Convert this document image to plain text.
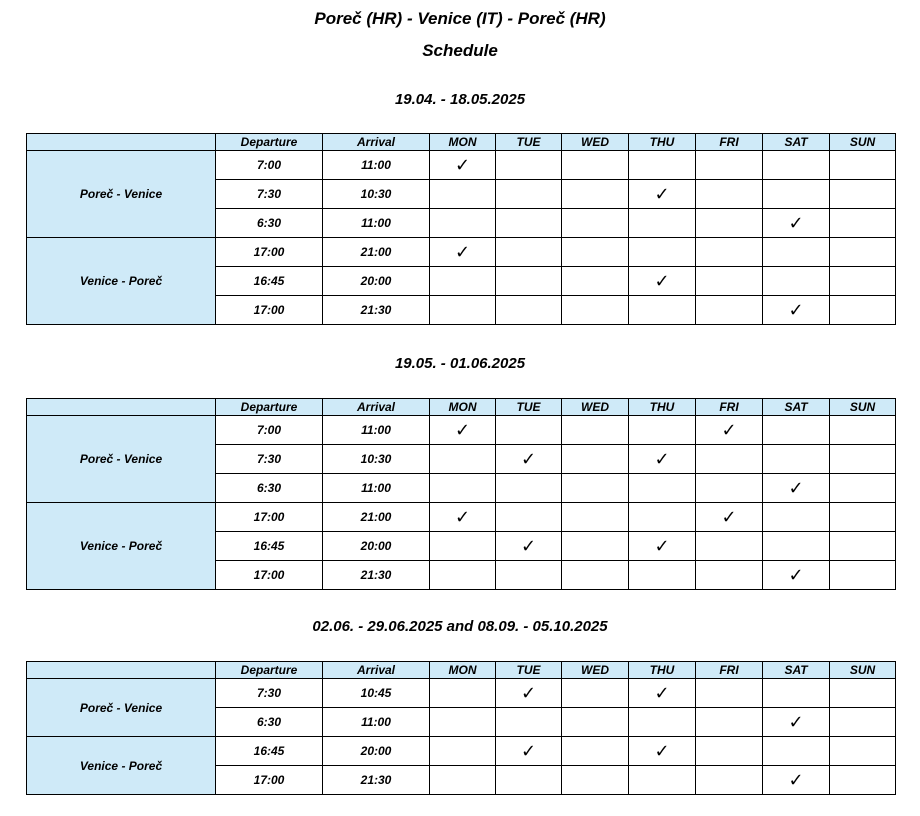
Poreč (HR) - Venice (IT) - Poreč (HR)
Schedule
19.04. - 18.05.2025
	Departure	Arrival	MON	TUE	WED	THU	FRI	SAT	SUN
Poreč - Venice	7:00	11:00	✓						
	7:30	10:30				✓			
	6:30	11:00						✓	
Venice - Poreč	17:00	21:00	✓						
	16:45	20:00				✓			
	17:00	21:30						✓	
19.05. - 01.06.2025
	Departure	Arrival	MON	TUE	WED	THU	FRI	SAT	SUN
Poreč - Venice	7:00	11:00	✓				✓		
	7:30	10:30		✓		✓			
	6:30	11:00						✓	
Venice - Poreč	17:00	21:00	✓				✓		
	16:45	20:00		✓		✓			
	17:00	21:30						✓	
02.06. - 29.06.2025 and 08.09. - 05.10.2025
	Departure	Arrival	MON	TUE	WED	THU	FRI	SAT	SUN
Poreč - Venice	7:30	10:45		✓		✓			
	6:30	11:00						✓	
Venice - Poreč	16:45	20:00		✓		✓			
	17:00	21:30						✓	
